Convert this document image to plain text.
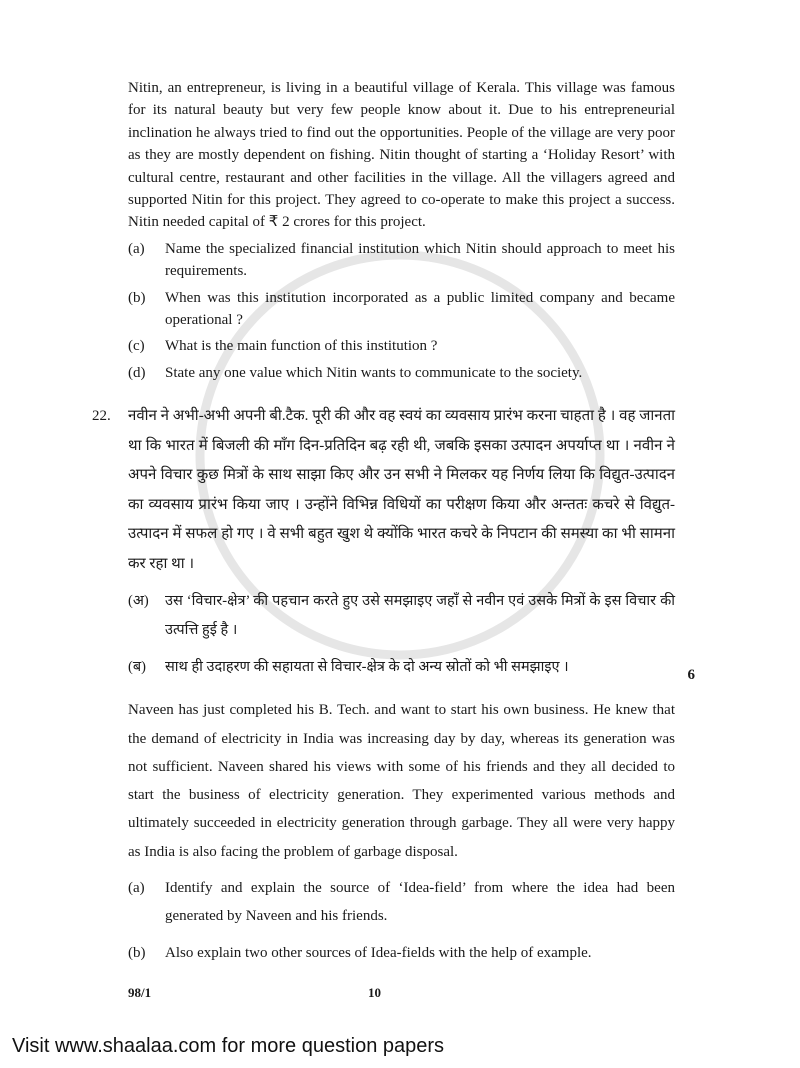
Nitin, an entrepreneur, is living in a beautiful village of Kerala. This village was famous for its natural beauty but very few people know about it. Due to his entrepreneurial inclination he always tried to find out the opportunities. People of the village are very poor as they are mostly dependent on fishing. Nitin thought of starting a ‘Holiday Resort’ with cultural centre, restaurant and other facilities in the village. All the villagers agreed and supported Nitin for this project. They agreed to co-operate to make this project a success. Nitin needed capital of ₹ 2 crores for this project.
(a) Name the specialized financial institution which Nitin should approach to meet his requirements.
(b) When was this institution incorporated as a public limited company and became operational ?
(c) What is the main function of this institution ?
(d) State any one value which Nitin wants to communicate to the society.
22. नवीन ने अभी-अभी अपनी बी.टैक. पूरी की और वह स्वयं का व्यवसाय प्रारंभ करना चाहता है । वह जानता था कि भारत में बिजली की माँग दिन-प्रतिदिन बढ़ रही थी, जबकि इसका उत्पादन अपर्याप्त था । नवीन ने अपने विचार कुछ मित्रों के साथ साझा किए और उन सभी ने मिलकर यह निर्णय लिया कि विद्युत-उत्पादन का व्यवसाय प्रारंभ किया जाए । उन्होंने विभिन्न विधियों का परीक्षण किया और अन्ततः कचरे से विद्युत-उत्पादन में सफल हो गए । वे सभी बहुत खुश थे क्योंकि भारत कचरे के निपटान की समस्या का भी सामना कर रहा था ।
(अ) उस ‘विचार-क्षेत्र’ की पहचान करते हुए उसे समझाइए जहाँ से नवीन एवं उसके मित्रों के इस विचार की उत्पत्ति हुई है ।
(ब) साथ ही उदाहरण की सहायता से विचार-क्षेत्र के दो अन्य स्रोतों को भी समझाइए ।	6
Naveen has just completed his B. Tech. and want to start his own business. He knew that the demand of electricity in India was increasing day by day, whereas its generation was not sufficient. Naveen shared his views with some of his friends and they all decided to start the business of electricity generation. They experimented various methods and ultimately succeeded in electricity generation through garbage. They all were very happy as India is also facing the problem of garbage disposal.
(a) Identify and explain the source of ‘Idea-field’ from where the idea had been generated by Naveen and his friends.
(b) Also explain two other sources of Idea-fields with the help of example.
98/1	10
Visit www.shaalaa.com for more question papers
